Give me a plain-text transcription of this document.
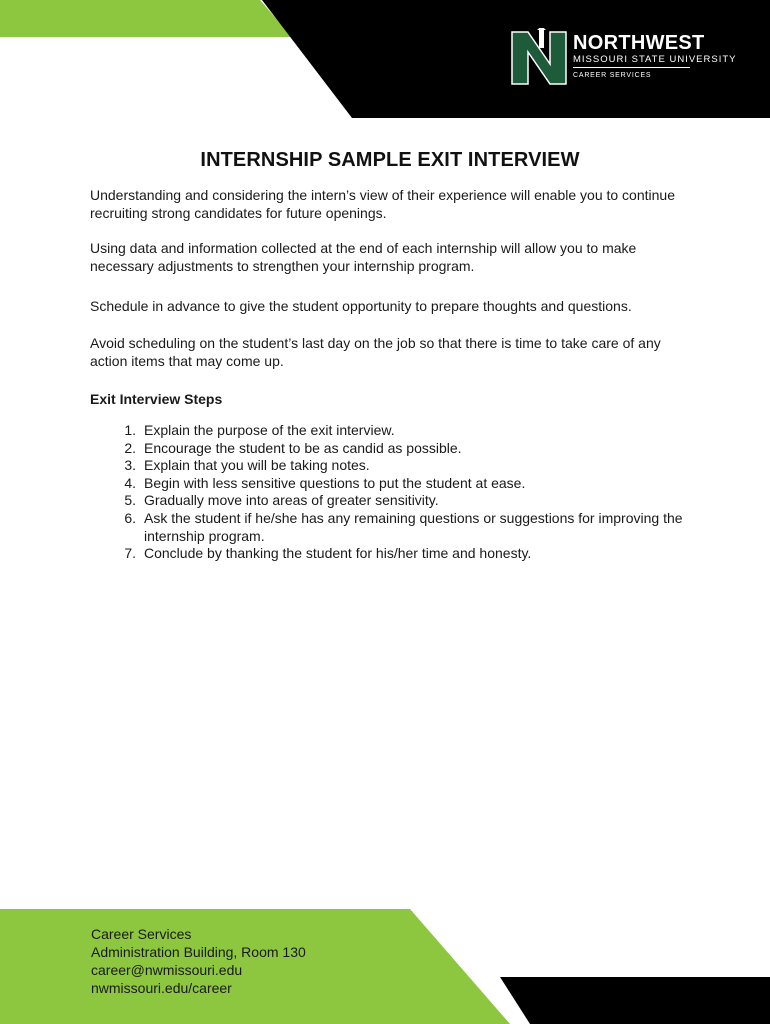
NORTHWEST
MISSOURI STATE UNIVERSITY
CAREER SERVICES
INTERNSHIP SAMPLE EXIT INTERVIEW

Understanding and considering the intern’s view of their experience will enable you to continue recruiting strong candidates for future openings.

Using data and information collected at the end of each internship will allow you to make necessary adjustments to strengthen your internship program.

Schedule in advance to give the student opportunity to prepare thoughts and questions.

Avoid scheduling on the student’s last day on the job so that there is time to take care of any action items that may come up.

Exit Interview Steps
1. Explain the purpose of the exit interview.
2. Encourage the student to be as candid as possible.
3. Explain that you will be taking notes.
4. Begin with less sensitive questions to put the student at ease.
5. Gradually move into areas of greater sensitivity.
6. Ask the student if he/she has any remaining questions or suggestions for improving the internship program.
7. Conclude by thanking the student for his/her time and honesty.
Career Services
Administration Building, Room 130
career@nwmissouri.edu
nwmissouri.edu/career
